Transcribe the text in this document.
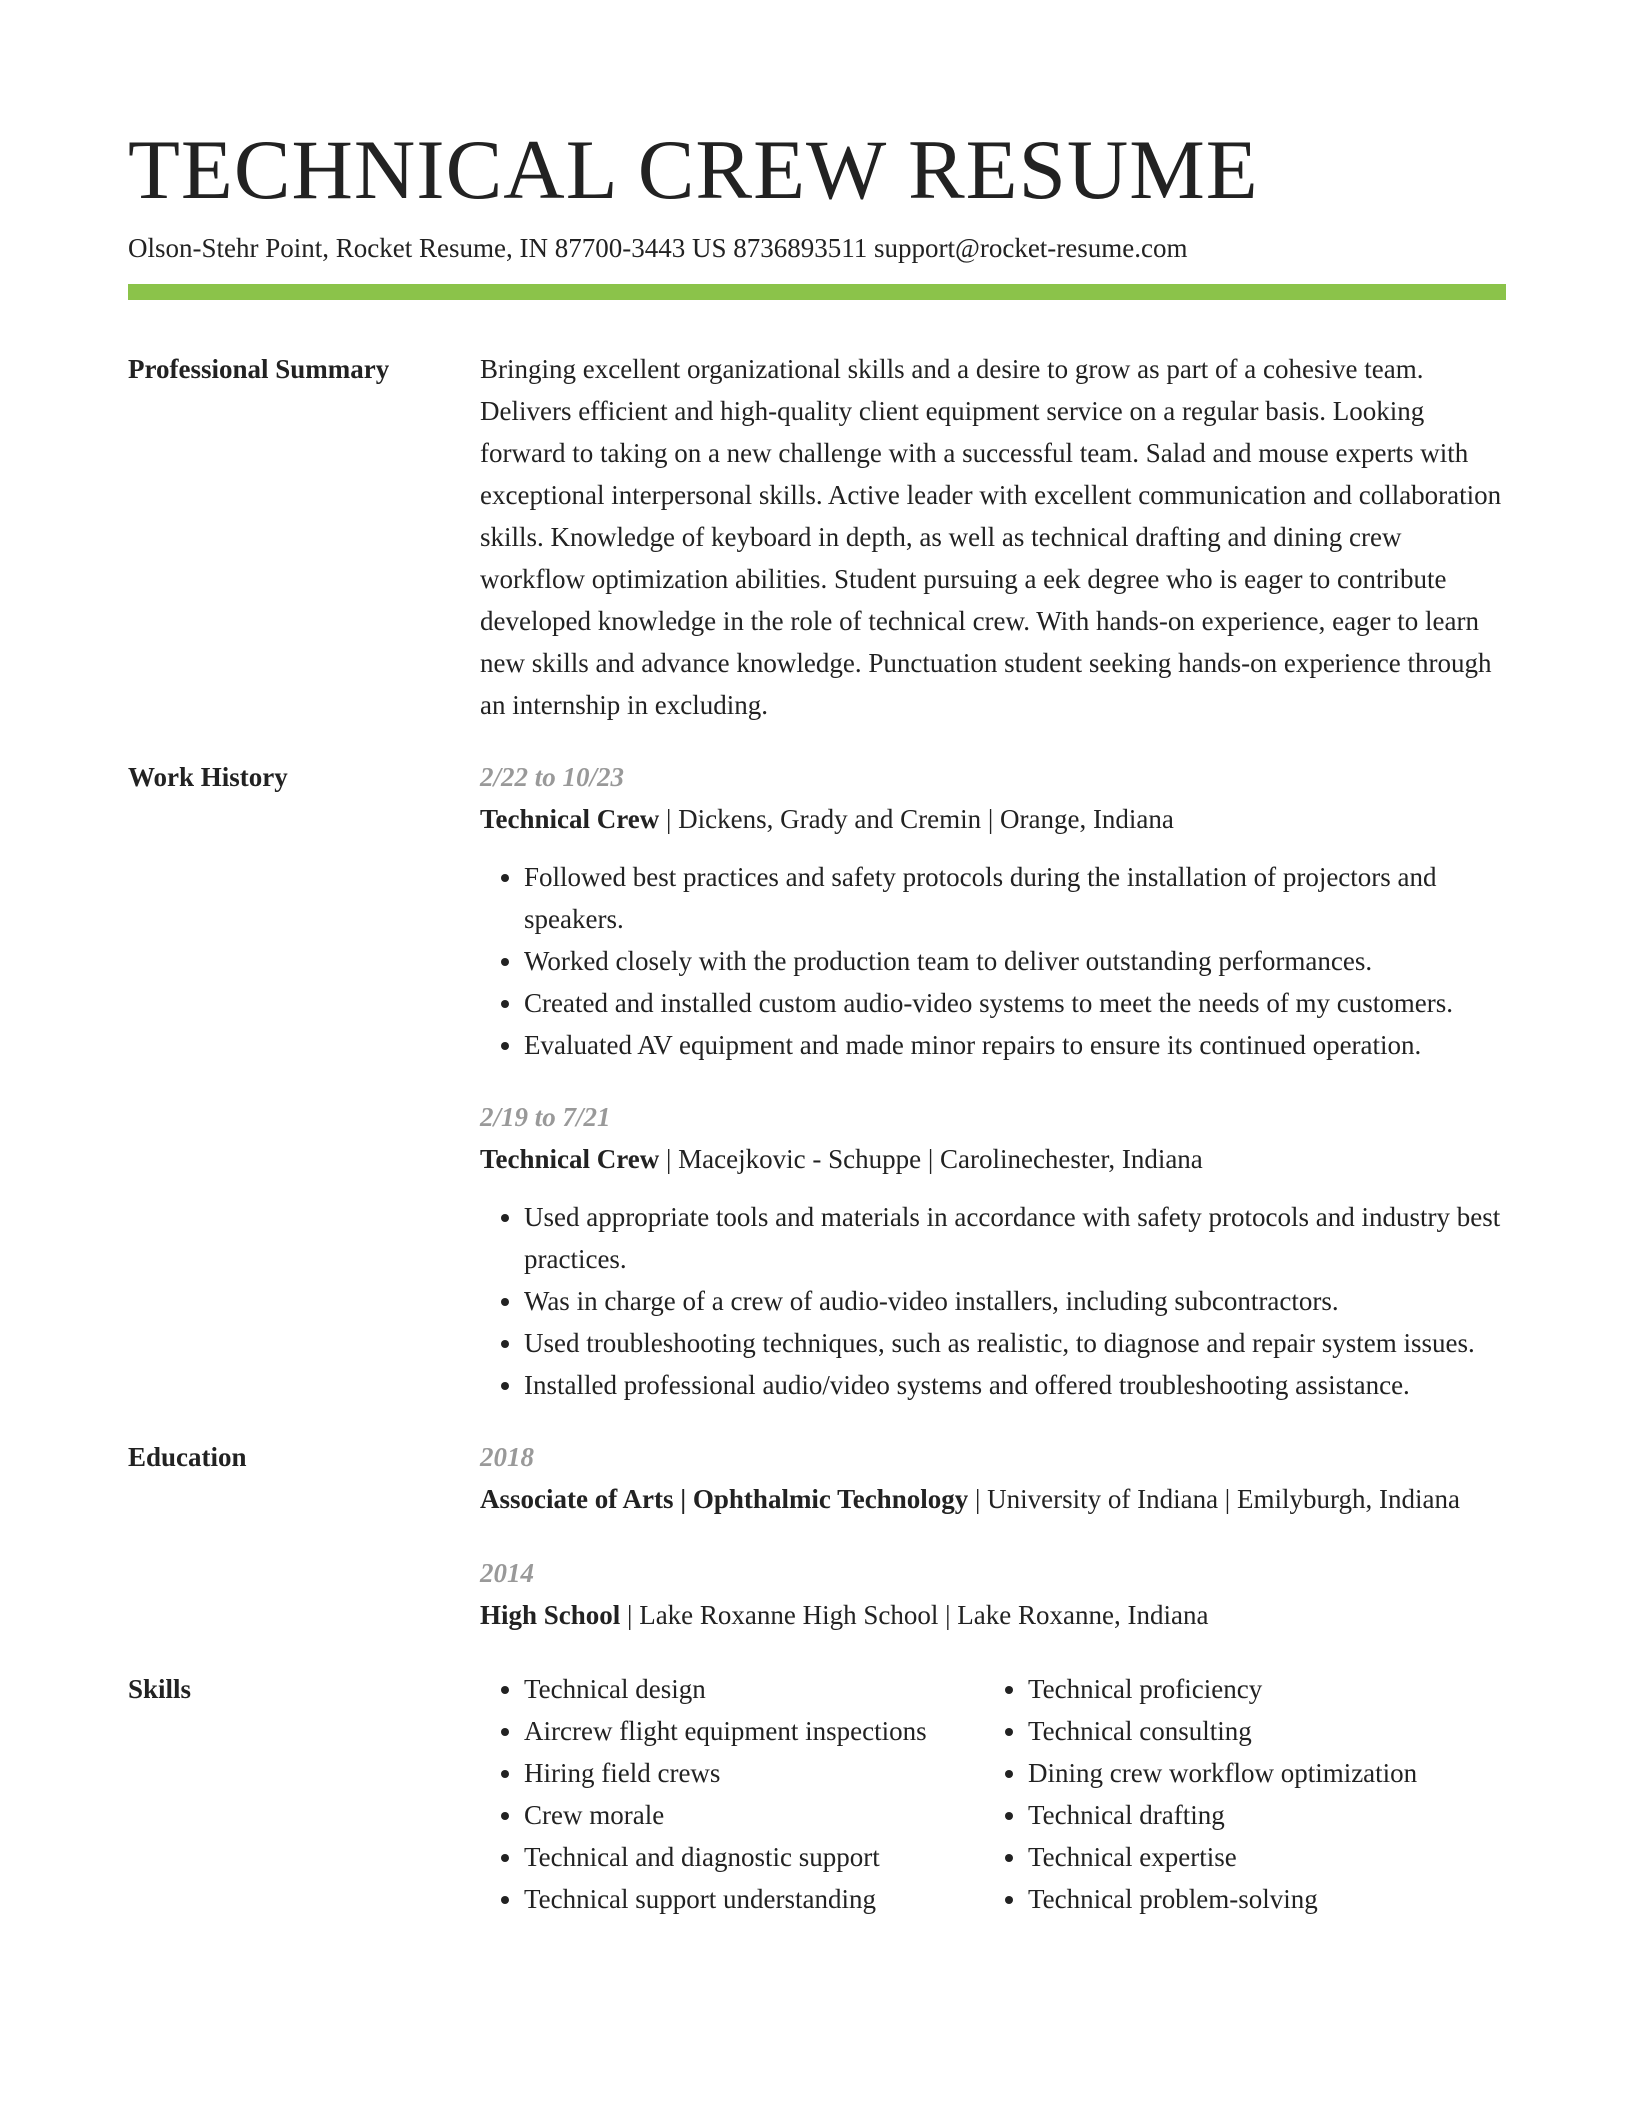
TECHNICAL CREW RESUME
Olson-Stehr Point, Rocket Resume, IN 87700-3443 US 8736893511 support@rocket-resume.com
Professional Summary	Bringing excellent organizational skills and a desire to grow as part of a cohesive team. Delivers efficient and high-quality client equipment service on a regular basis. Looking forward to taking on a new challenge with a successful team. Salad and mouse experts with exceptional interpersonal skills. Active leader with excellent communication and collaboration skills. Knowledge of keyboard in depth, as well as technical drafting and dining crew workflow optimization abilities. Student pursuing a eek degree who is eager to contribute developed knowledge in the role of technical crew. With hands-on experience, eager to learn new skills and advance knowledge. Punctuation student seeking hands-on experience through an internship in excluding.

Work History	2/22 to 10/23

Technical Crew | Dickens, Grady and Cremin | Orange, Indiana

• Followed best practices and safety protocols during the installation of projectors and speakers.
• Worked closely with the production team to deliver outstanding performances.
• Created and installed custom audio-video systems to meet the needs of my customers.
• Evaluated AV equipment and made minor repairs to ensure its continued operation.
2/19 to 7/21

Technical Crew | Macejkovic - Schuppe | Carolinechester, Indiana

• Used appropriate tools and materials in accordance with safety protocols and industry best practices.
• Was in charge of a crew of audio-video installers, including subcontractors.
• Used troubleshooting techniques, such as realistic, to diagnose and repair system issues.
• Installed professional audio/video systems and offered troubleshooting assistance.
Education	2018

Associate of Arts | Ophthalmic Technology | University of Indiana | Emilyburgh, Indiana

2014

High School | Lake Roxanne High School | Lake Roxanne, Indiana

Skills
•	Technical design
• Aircrew flight equipment inspections
• Hiring field crews
• Crew morale
• Technical and diagnostic support
• Technical support understanding
• Technical proficiency
• Technical consulting
• Dining crew workflow optimization
• Technical drafting
• Technical expertise
• Technical problem-solving
